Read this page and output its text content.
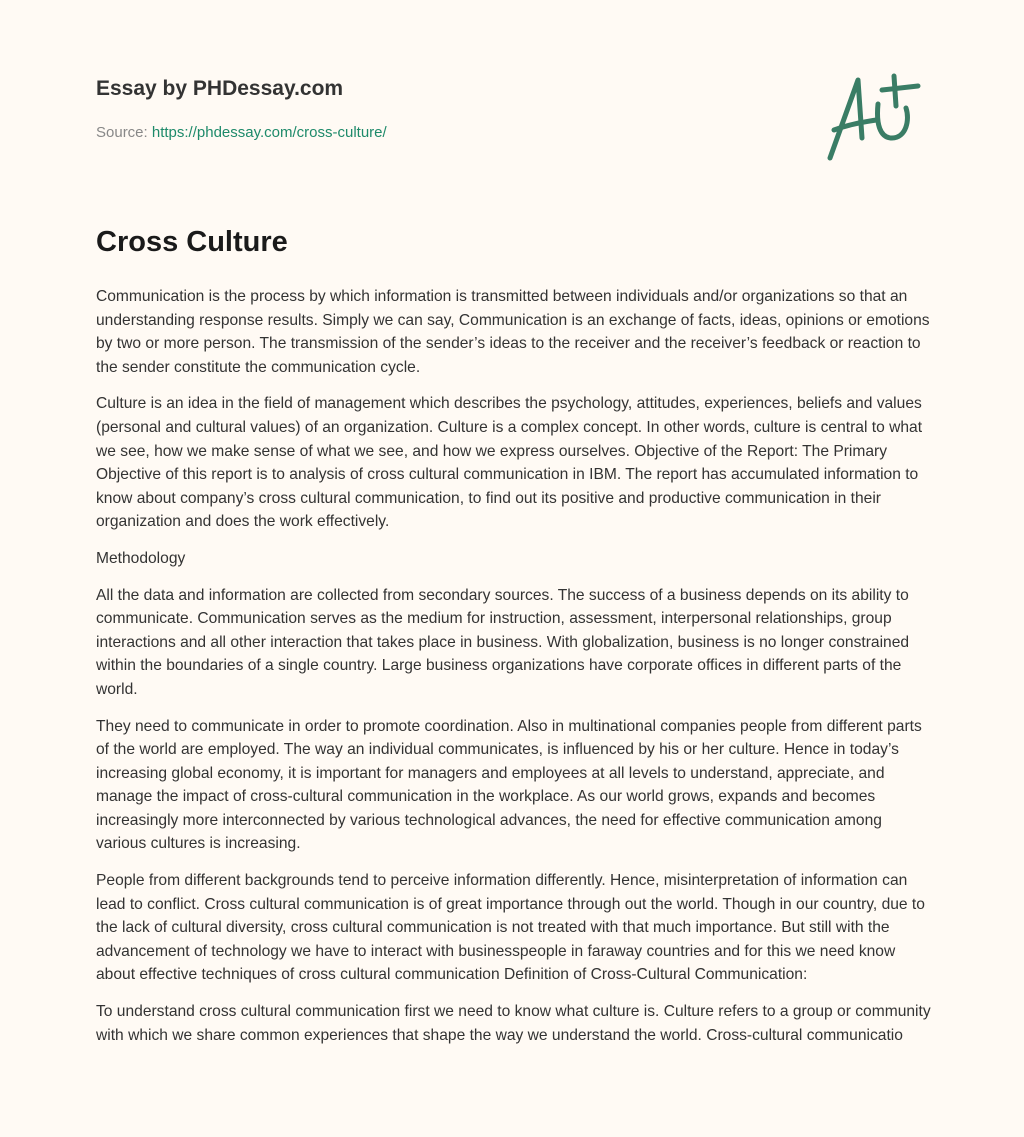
Essay by PHDessay.com
Source: https://phdessay.com/cross-culture/
Cross Culture

Communication is the process by which information is transmitted between individuals and/or organizations so that an understanding response results. Simply we can say, Communication is an exchange of facts, ideas, opinions or emotions by two or more person. The transmission of the sender’s ideas to the receiver and the receiver’s feedback or reaction to the sender constitute the communication cycle.

Culture is an idea in the field of management which describes the psychology, attitudes, experiences, beliefs and values (personal and cultural values) of an organization. Culture is a complex concept. In other words, culture is central to what we see, how we make sense of what we see, and how we express ourselves. Objective of the Report: The Primary Objective of this report is to analysis of cross cultural communication in IBM. The report has accumulated information to know about company’s cross cultural communication, to find out its positive and productive communication in their organization and does the work effectively.

Methodology

All the data and information are collected from secondary sources. The success of a business depends on its ability to communicate. Communication serves as the medium for instruction, assessment, interpersonal relationships, group interactions and all other interaction that takes place in business. With globalization, business is no longer constrained within the boundaries of a single country. Large business organizations have corporate offices in different parts of the world.

They need to communicate in order to promote coordination. Also in multinational companies people from different parts of the world are employed. The way an individual communicates, is influenced by his or her culture. Hence in today’s increasing global economy, it is important for managers and employees at all levels to understand, appreciate, and manage the impact of cross-cultural communication in the workplace. As our world grows, expands and becomes increasingly more interconnected by various technological advances, the need for effective communication among various cultures is increasing.

People from different backgrounds tend to perceive information differently. Hence, misinterpretation of information can lead to conflict. Cross cultural communication is of great importance through out the world. Though in our country, due to the lack of cultural diversity, cross cultural communication is not treated with that much importance. But still with the advancement of technology we have to interact with businesspeople in faraway countries and for this we need know about effective techniques of cross cultural communication Definition of Cross-Cultural Communication:

To understand cross cultural communication first we need to know what culture is. Culture refers to a group or community with which we share common experiences that shape the way we understand the world. Cross-cultural communicatio
